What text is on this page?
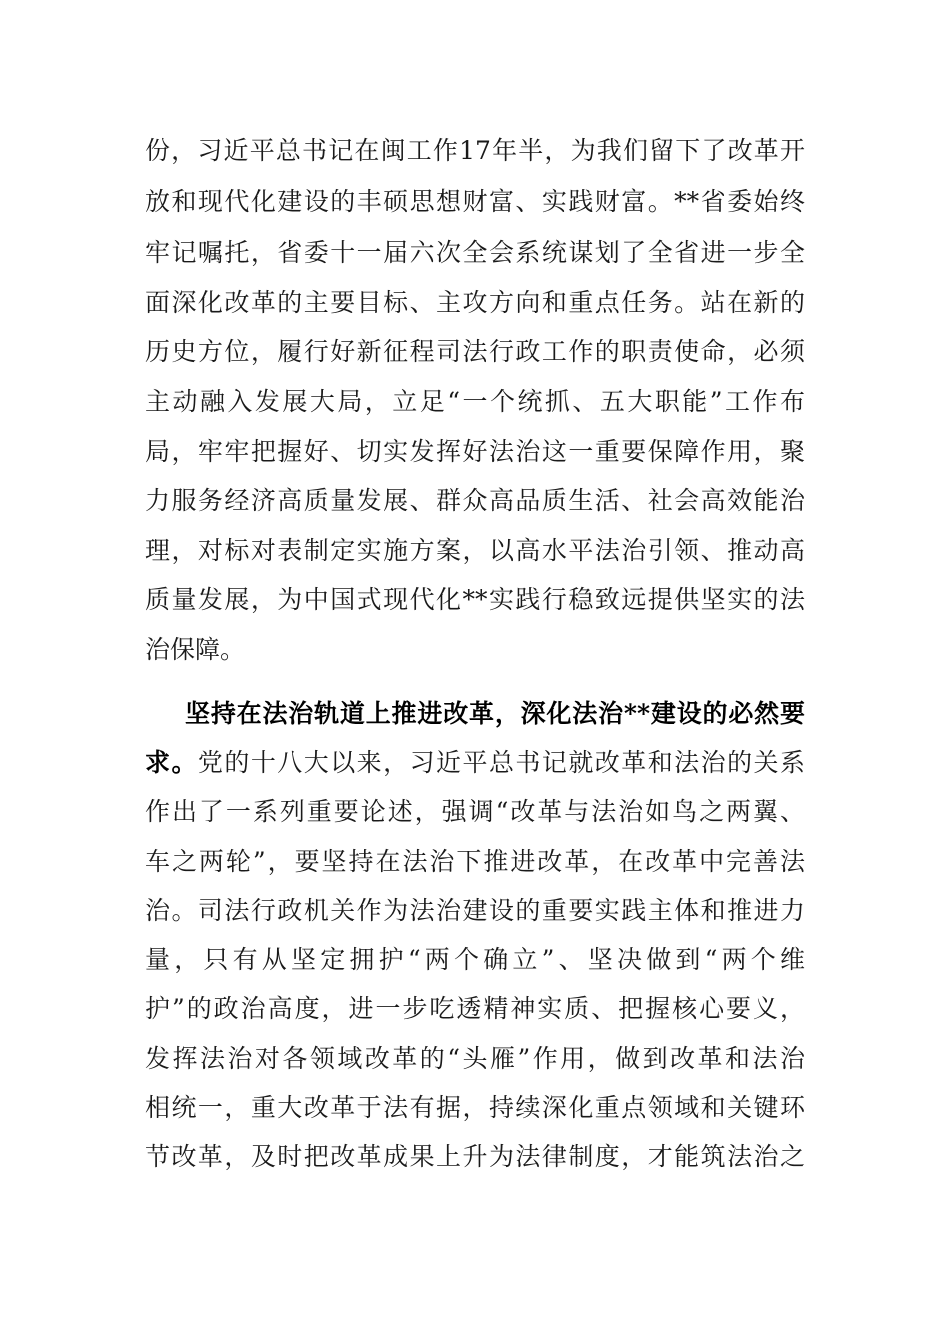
份，习近平总书记在闽工作17年半，为我们留下了改革开
放和现代化建设的丰硕思想财富、实践财富。**省委始终
牢记嘱托，省委十一届六次全会系统谋划了全省进一步全
面深化改革的主要目标、主攻方向和重点任务。站在新的
历史方位，履行好新征程司法行政工作的职责使命，必须
主动融入发展大局，立足“一个统抓、五大职能”工作布
局，牢牢把握好、切实发挥好法治这一重要保障作用，聚
力服务经济高质量发展、群众高品质生活、社会高效能治
理，对标对表制定实施方案，以高水平法治引领、推动高
质量发展，为中国式现代化**实践行稳致远提供坚实的法
治保障。
坚持在法治轨道上推进改革，深化法治**建设的必然要
求。党的十八大以来，习近平总书记就改革和法治的关系
作出了一系列重要论述，强调“改革与法治如鸟之两翼、
车之两轮”，要坚持在法治下推进改革，在改革中完善法
治。司法行政机关作为法治建设的重要实践主体和推进力
量，只有从坚定拥护“两个确立”、坚决做到“两个维
护”的政治高度，进一步吃透精神实质、把握核心要义，
发挥法治对各领域改革的“头雁”作用，做到改革和法治
相统一，重大改革于法有据，持续深化重点领域和关键环
节改革，及时把改革成果上升为法律制度，才能筑法治之
